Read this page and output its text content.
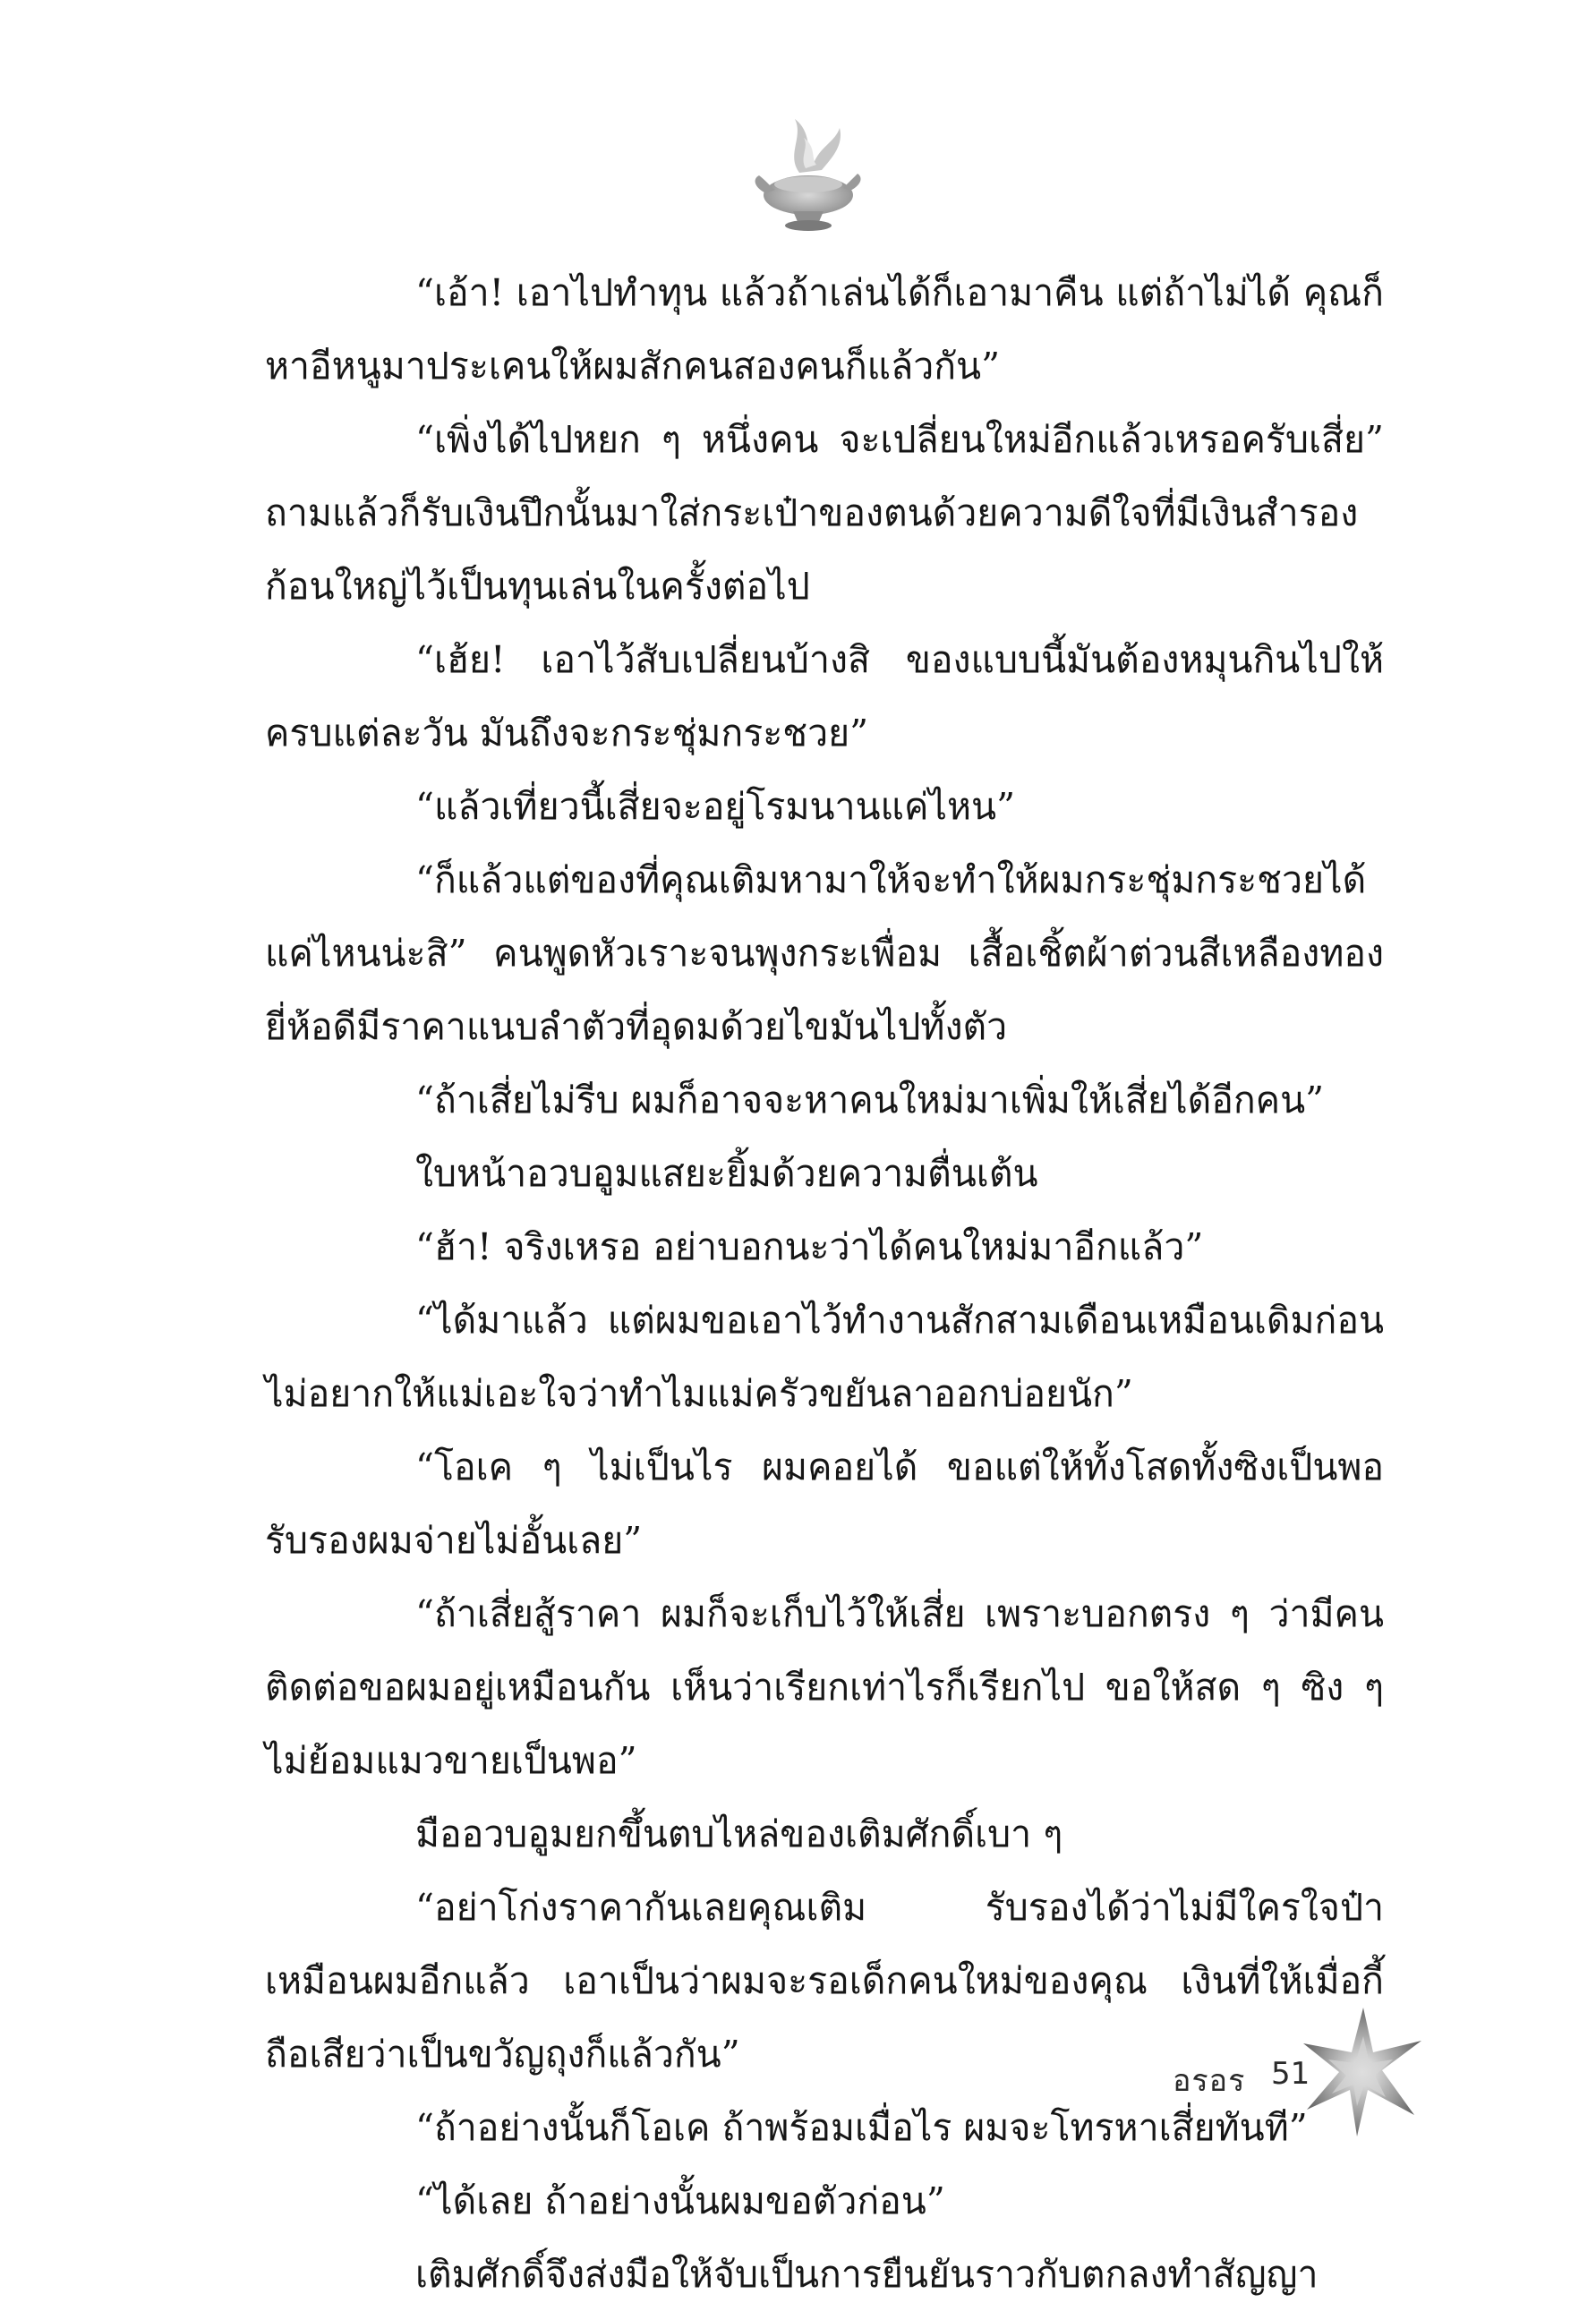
“เอ้า! เอาไปทำทุน แล้วถ้าเล่นได้ก็เอามาคืน แต่ถ้าไม่ได้ คุณก็หาอีหนูมาประเคนให้ผมสักคนสองคนก็แล้วกัน”

“เพิ่งได้ไปหยก ๆ หนึ่งคน จะเปลี่ยนใหม่อีกแล้วเหรอครับเสี่ย” ถามแล้วก็รับเงินปึกนั้นมาใส่กระเป๋าของตนด้วยความดีใจที่มีเงินสำรองก้อนใหญ่ไว้เป็นทุนเล่นในครั้งต่อไป

“เฮ้ย! เอาไว้สับเปลี่ยนบ้างสิ ของแบบนี้มันต้องหมุนกินไปให้ครบแต่ละวัน มันถึงจะกระชุ่มกระชวย”

“แล้วเที่ยวนี้เสี่ยจะอยู่โรมนานแค่ไหน”

“ก็แล้วแต่ของที่คุณเติมหามาให้จะทำให้ผมกระชุ่มกระชวยได้แค่ไหนน่ะสิ” คนพูดหัวเราะจนพุงกระเพื่อม เสื้อเชิ้ตผ้าต่วนสีเหลืองทองยี่ห้อดีมีราคาแนบลำตัวที่อุดมด้วยไขมันไปทั้งตัว

“ถ้าเสี่ยไม่รีบ ผมก็อาจจะหาคนใหม่มาเพิ่มให้เสี่ยได้อีกคน”

ใบหน้าอวบอูมแสยะยิ้มด้วยความตื่นเต้น

“ฮ้า! จริงเหรอ อย่าบอกนะว่าได้คนใหม่มาอีกแล้ว”

“ได้มาแล้ว แต่ผมขอเอาไว้ทำงานสักสามเดือนเหมือนเดิมก่อนไม่อยากให้แม่เอะใจว่าทำไมแม่ครัวขยันลาออกบ่อยนัก”

“โอเค ๆ ไม่เป็นไร ผมคอยได้ ขอแต่ให้ทั้งโสดทั้งซิงเป็นพอรับรองผมจ่ายไม่อั้นเลย”

“ถ้าเสี่ยสู้ราคา ผมก็จะเก็บไว้ให้เสี่ย เพราะบอกตรง ๆ ว่ามีคนติดต่อขอผมอยู่เหมือนกัน เห็นว่าเรียกเท่าไรก็เรียกไป ขอให้สด ๆ ซิง ๆ ไม่ย้อมแมวขายเป็นพอ”

มืออวบอูมยกขึ้นตบไหล่ของเติมศักดิ์เบา ๆ

“อย่าโก่งราคากันเลยคุณเติม รับรองได้ว่าไม่มีใครใจป๋าเหมือนผมอีกแล้ว เอาเป็นว่าผมจะรอเด็กคนใหม่ของคุณ เงินที่ให้เมื่อกี้ถือเสียว่าเป็นขวัญถุงก็แล้วกัน”

“ถ้าอย่างนั้นก็โอเค ถ้าพร้อมเมื่อไร ผมจะโทรหาเสี่ยทันที”

“ได้เลย ถ้าอย่างนั้นผมขอตัวก่อน”

เติมศักดิ์จึงส่งมือให้จับเป็นการยืนยันราวกับตกลงทำสัญญา

อรอร 51
